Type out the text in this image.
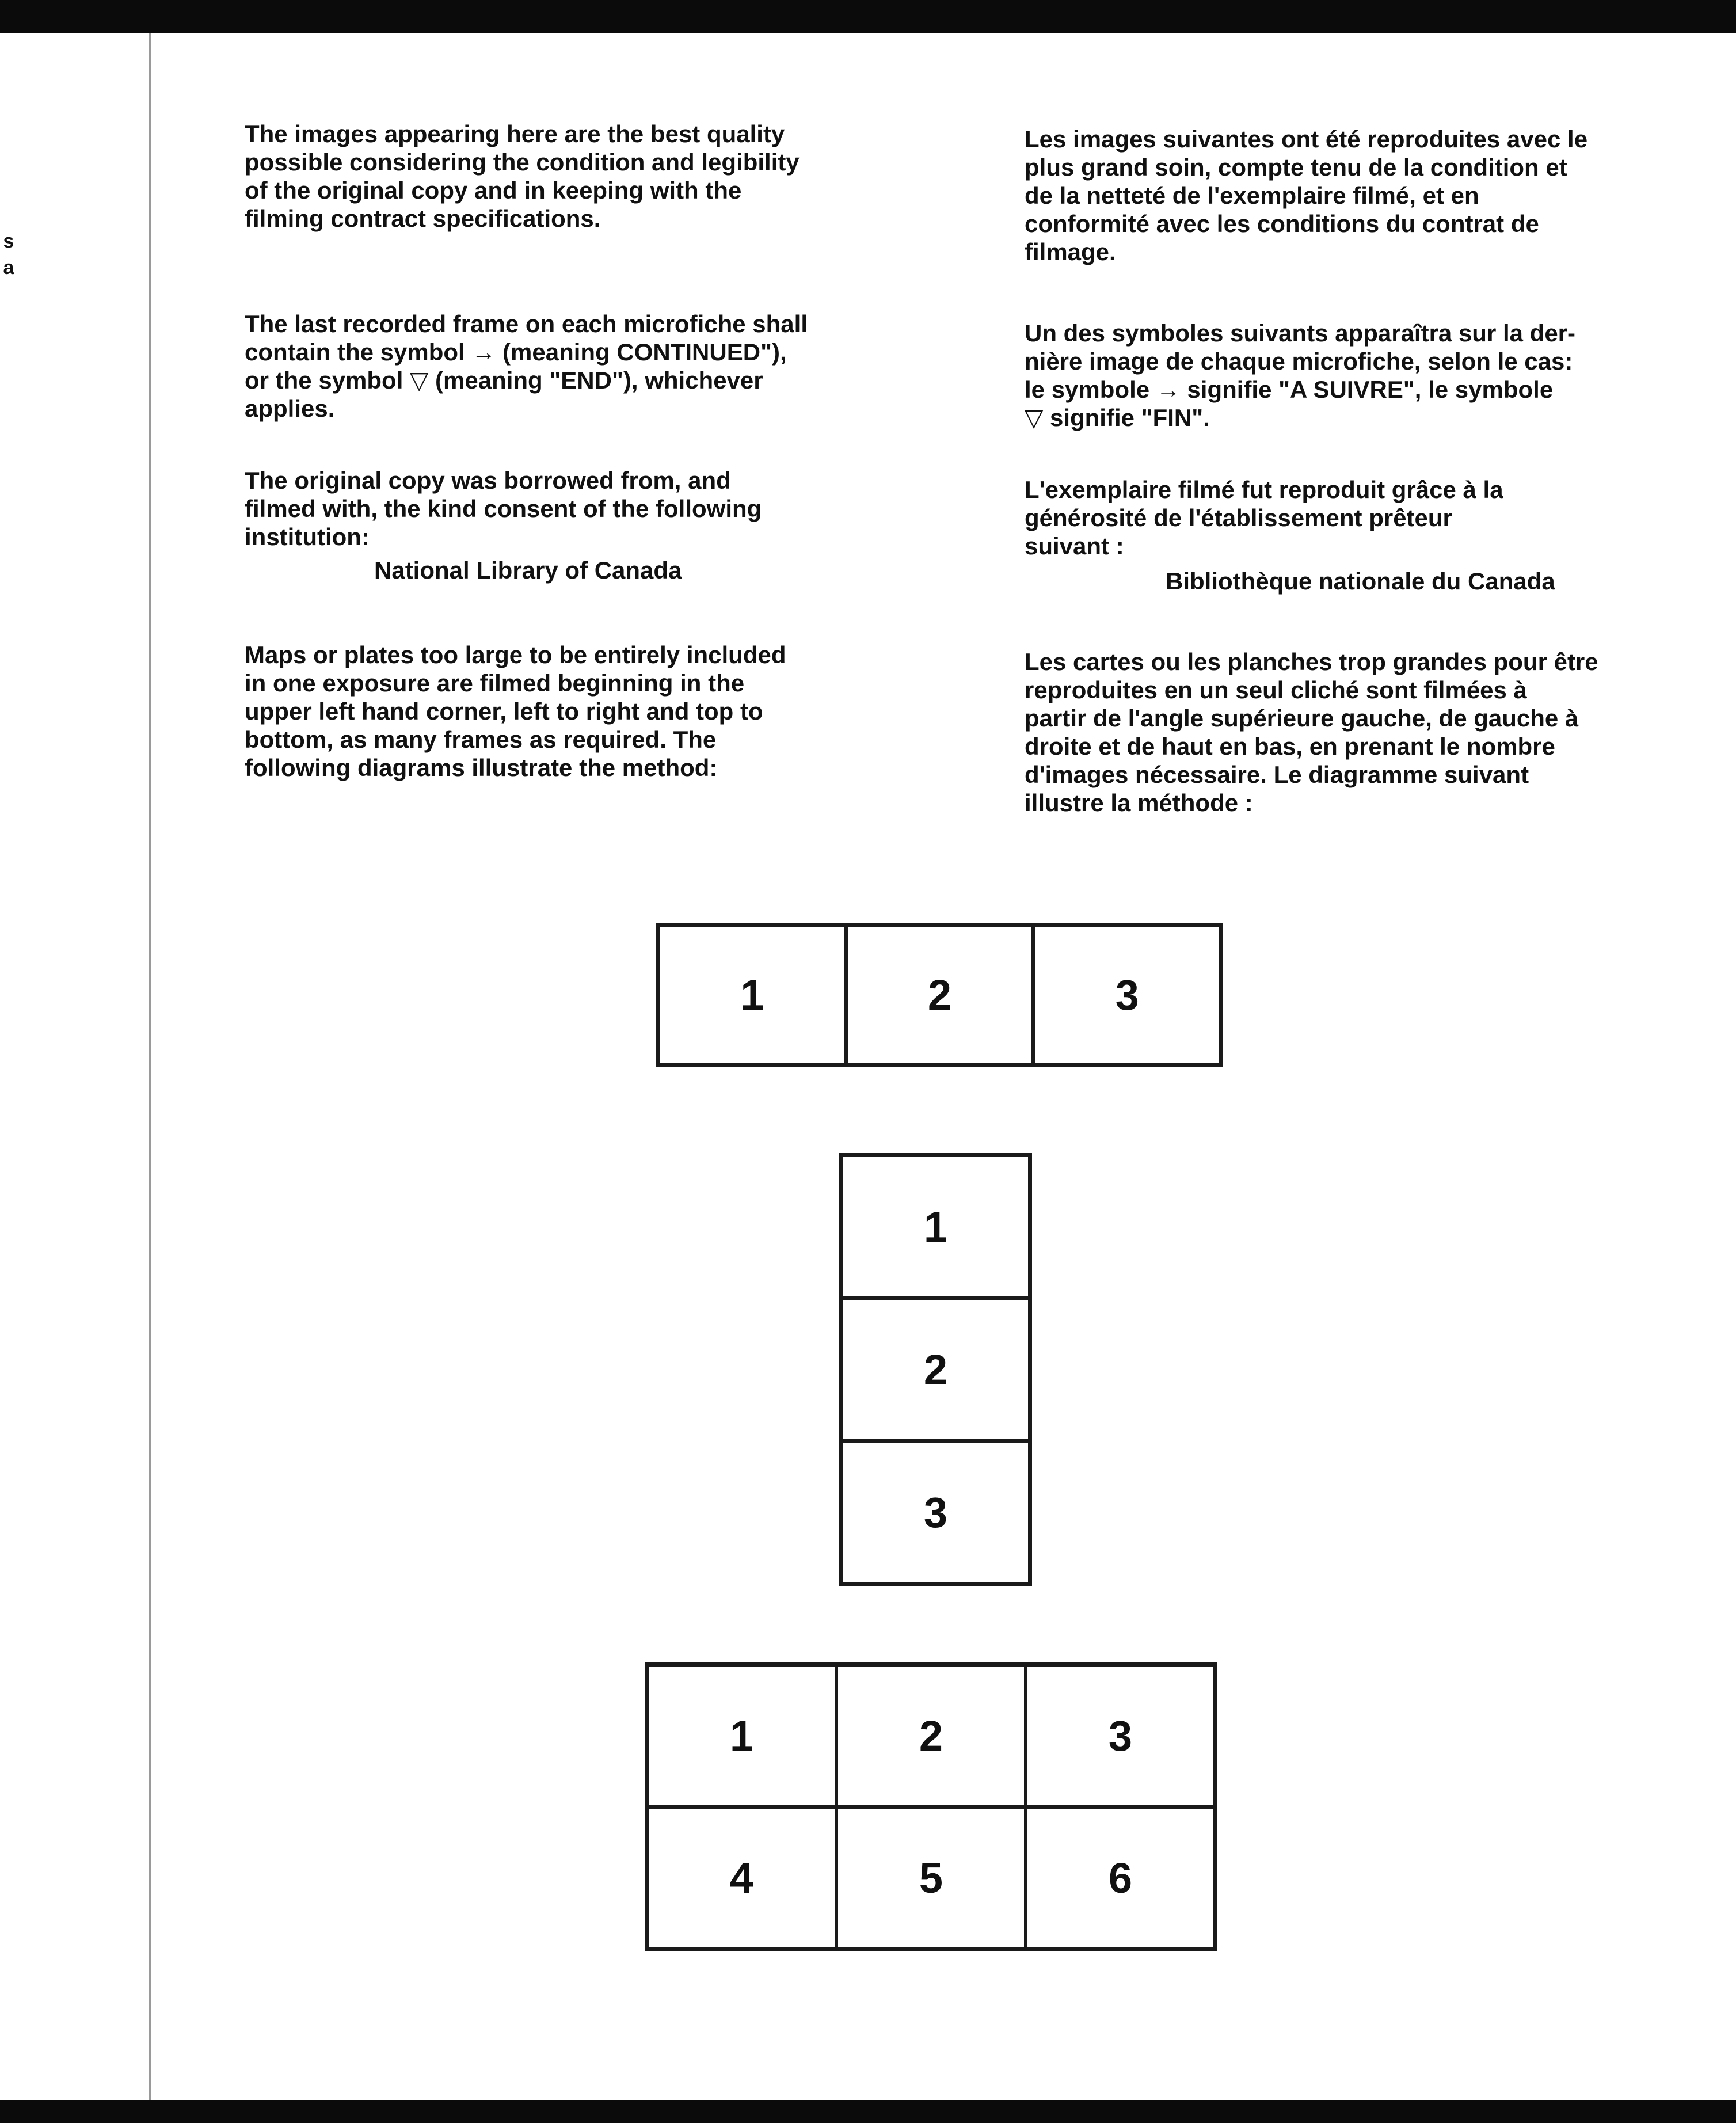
s
a

The images appearing here are the best quality
possible considering the condition and legibility
of the original copy and in keeping with the
filming contract specifications.

The last recorded frame on each microfiche shall
contain the symbol → (meaning CONTINUED"),
or the symbol ▽ (meaning "END"), whichever
applies.

The original copy was borrowed from, and
filmed with, the kind consent of the following
institution:

National Library of Canada

Maps or plates too large to be entirely included
in one exposure are filmed beginning in the
upper left hand corner, left to right and top to
bottom, as many frames as required. The
following diagrams illustrate the method:

Les images suivantes ont été reproduites avec le
plus grand soin, compte tenu de la condition et
de la netteté de l'exemplaire filmé, et en
conformité avec les conditions du contrat de
filmage.

Un des symboles suivants apparaîtra sur la der-
nière image de chaque microfiche, selon le cas:
le symbole → signifie "A SUIVRE", le symbole
▽ signifie "FIN".

L'exemplaire filmé fut reproduit grâce à la
générosité de l'établissement prêteur
suivant :

Bibliothèque nationale du Canada

Les cartes ou les planches trop grandes pour être
reproduites en un seul cliché sont filmées à
partir de l'angle supérieure gauche, de gauche à
droite et de haut en bas, en prenant le nombre
d'images nécessaire. Le diagramme suivant
illustre la méthode :

1	2	3
1
2
3
1	2	3
4	5	6
